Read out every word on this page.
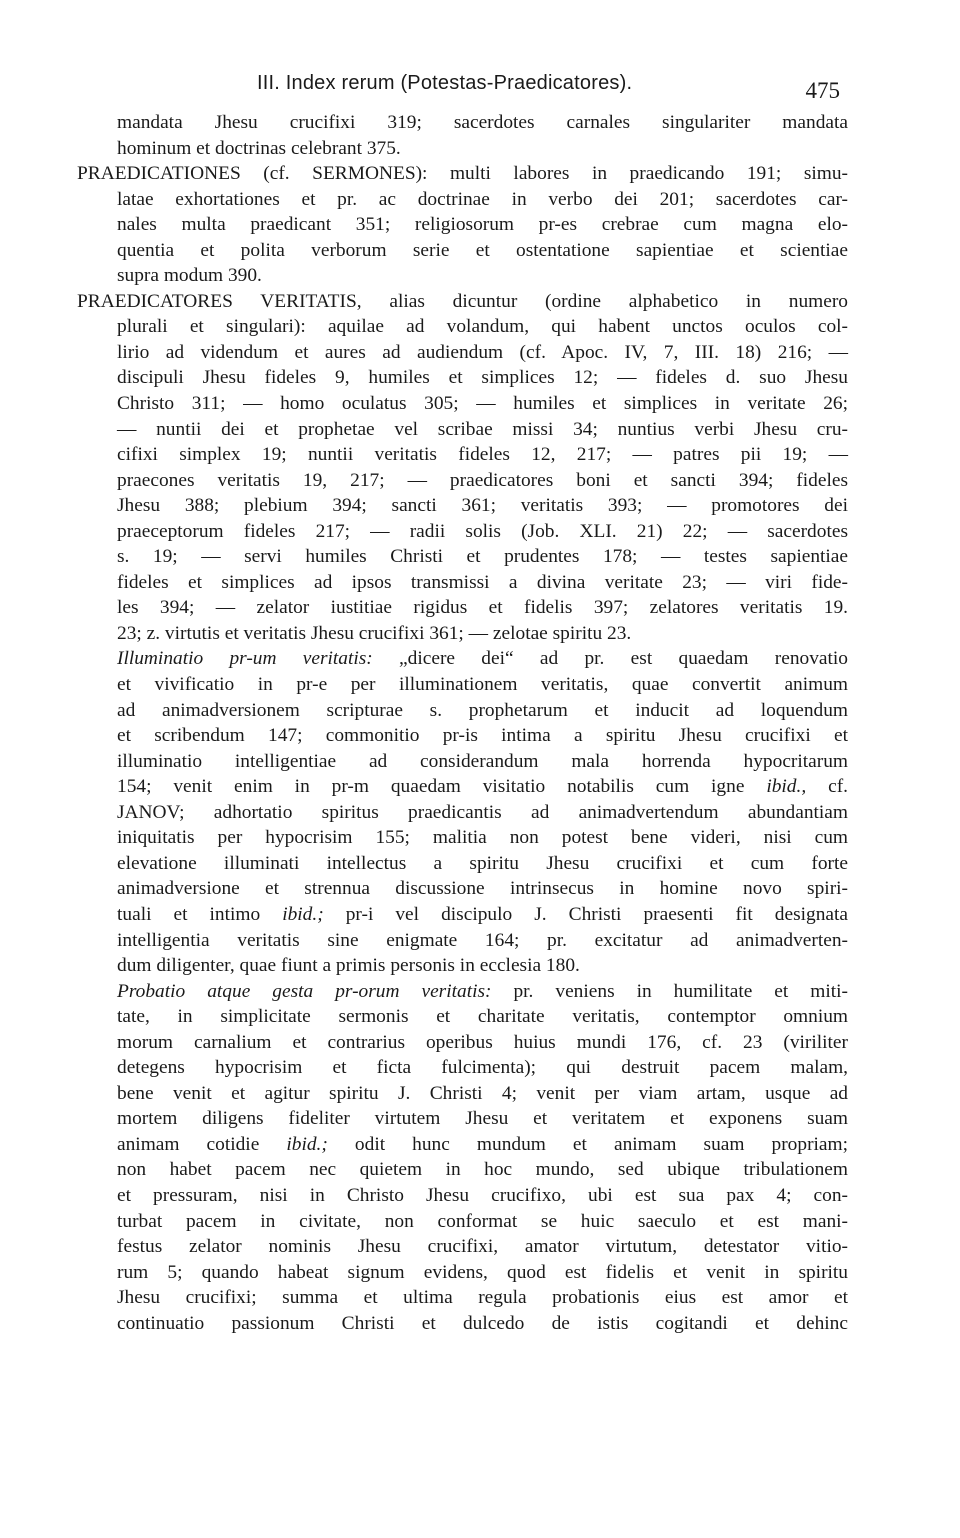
III. Index rerum (Potestas-Praedicatores).	475
mandata Jhesu crucifixi 319; sacerdotes carnales singulariter mandata
hominum et doctrinas celebrant 375.
PRAEDICATIONES (cf. SERMONES): multi labores in praedicando 191; simu-
latae exhortationes et pr. ac doctrinae in verbo dei 201; sacerdotes car-
nales multa praedicant 351; religiosorum pr-es crebrae cum magna elo-
quentia et polita verborum serie et ostentatione sapientiae et scientiae
supra modum 390.
PRAEDICATORES VERITATIS, alias dicuntur (ordine alphabetico in numero
plurali et singulari): aquilae ad volandum, qui habent unctos oculos col-
lirio ad videndum et aures ad audiendum (cf. Apoc. IV, 7, III. 18) 216; —
discipuli Jhesu fideles 9, humiles et simplices 12; — fideles d. suo Jhesu
Christo 311; — homo oculatus 305; — humiles et simplices in veritate 26;
— nuntii dei et prophetae vel scribae missi 34; nuntius verbi Jhesu cru-
cifixi simplex 19; nuntii veritatis fideles 12, 217; — patres pii 19; —
praecones veritatis 19, 217; — praedicatores boni et sancti 394; fideles
Jhesu 388; plebium 394; sancti 361; veritatis 393; — promotores dei
praeceptorum fideles 217; — radii solis (Job. XLI. 21) 22; — sacerdotes
s. 19; — servi humiles Christi et prudentes 178; — testes sapientiae
fideles et simplices ad ipsos transmissi a divina veritate 23; — viri fide-
les 394; — zelator iustitiae rigidus et fidelis 397; zelatores veritatis 19.
23; z. virtutis et veritatis Jhesu crucifixi 361; — zelotae spiritu 23.
Illuminatio pr-um veritatis: „dicere dei“ ad pr. est quaedam renovatio
et vivificatio in pr-e per illuminationem veritatis, quae convertit animum
ad animadversionem scripturae s. prophetarum et inducit ad loquendum
et scribendum 147; commonitio pr-is intima a spiritu Jhesu crucifixi et
illuminatio intelligentiae ad considerandum mala horrenda hypocritarum
154; venit enim in pr-m quaedam visitatio notabilis cum igne ibid., cf.
JANOV; adhortatio spiritus praedicantis ad animadvertendum abundantiam
iniquitatis per hypocrisim 155; malitia non potest bene videri, nisi cum
elevatione illuminati intellectus a spiritu Jhesu crucifixi et cum forte
animadversione et strennua discussione intrinsecus in homine novo spiri-
tuali et intimo ibid.; pr-i vel discipulo J. Christi praesenti fit designata
intelligentia veritatis sine enigmate 164; pr. excitatur ad animadverten-
dum diligenter, quae fiunt a primis personis in ecclesia 180.
Probatio atque gesta pr-orum veritatis: pr. veniens in humilitate et miti-
tate, in simplicitate sermonis et charitate veritatis, contemptor omnium
morum carnalium et contrarius operibus huius mundi 176, cf. 23 (viriliter
detegens hypocrisim et ficta fulcimenta); qui destruit pacem malam,
bene venit et agitur spiritu J. Christi 4; venit per viam artam, usque ad
mortem diligens fideliter virtutem Jhesu et veritatem et exponens suam
animam cotidie ibid.; odit hunc mundum et animam suam propriam;
non habet pacem nec quietem in hoc mundo, sed ubique tribulationem
et pressuram, nisi in Christo Jhesu crucifixo, ubi est sua pax 4; con-
turbat pacem in civitate, non conformat se huic saeculo et est mani-
festus zelator nominis Jhesu crucifixi, amator virtutum, detestator vitio-
rum 5; quando habeat signum evidens, quod est fidelis et venit in spiritu
Jhesu crucifixi; summa et ultima regula probationis eius est amor et
continuatio passionum Christi et dulcedo de istis cogitandi et dehinc
